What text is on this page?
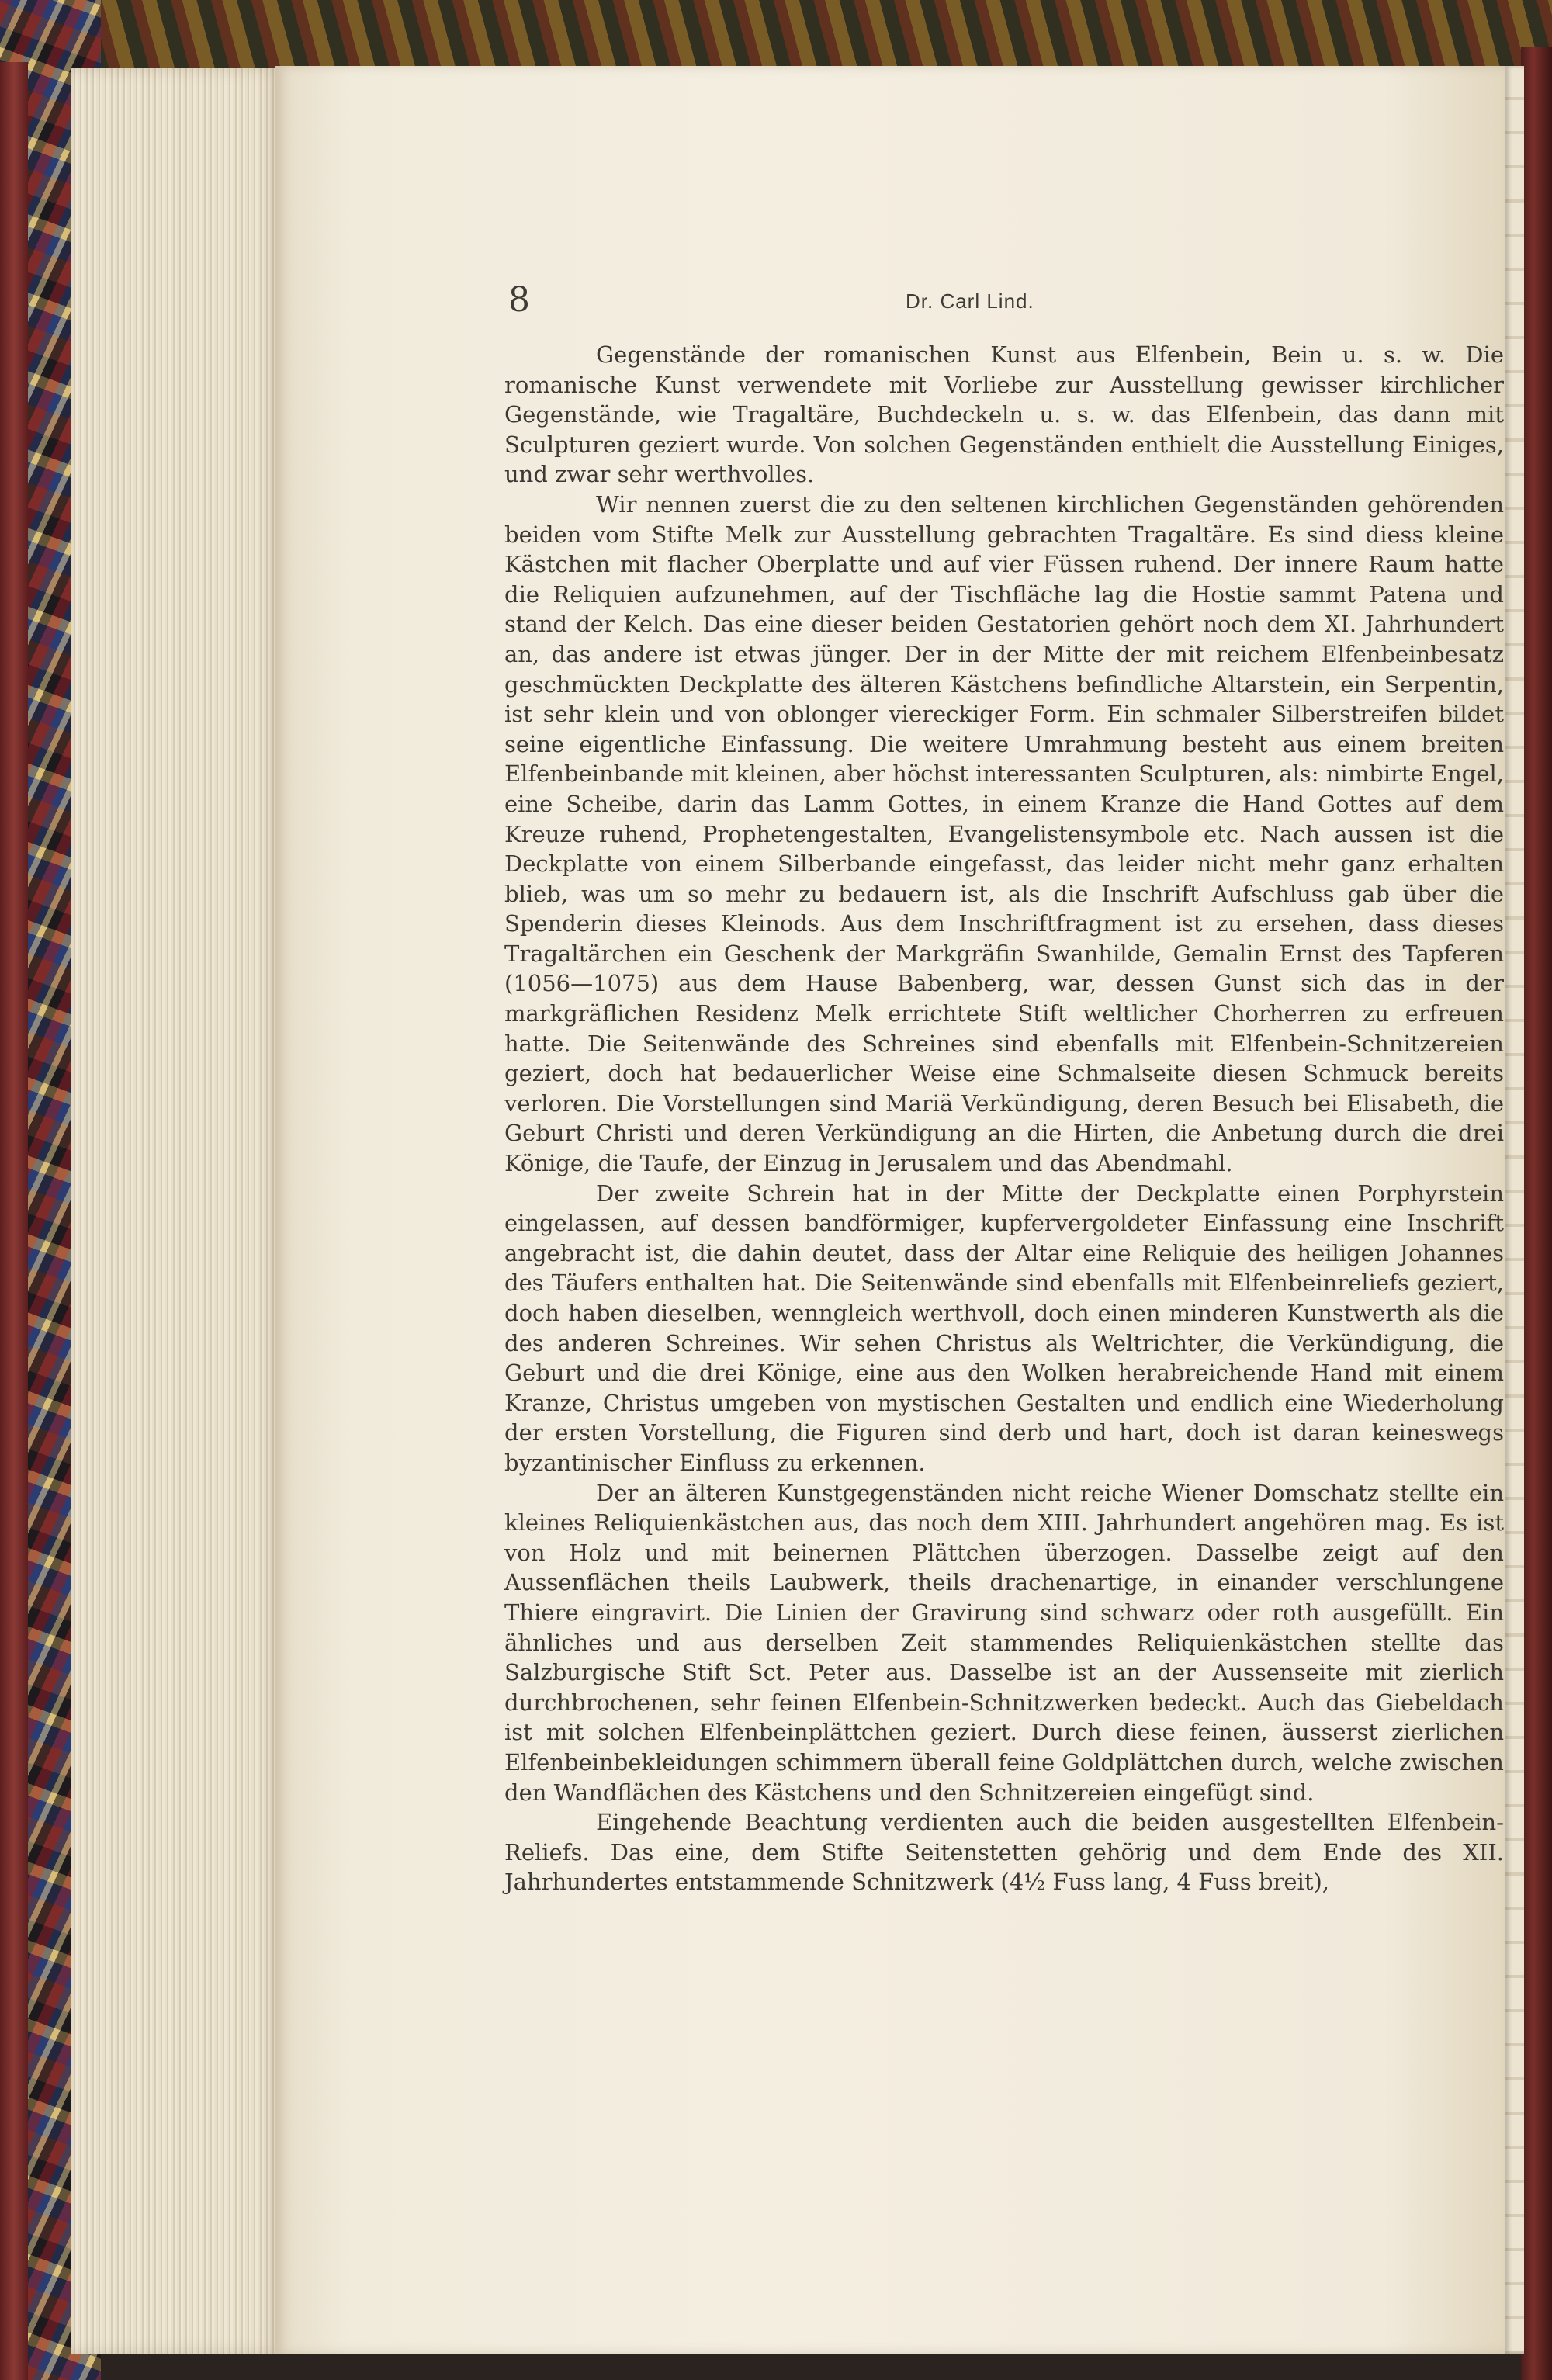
8	Dr. Carl Lind.

Gegenstände der romanischen Kunst aus Elfenbein, Bein u. s. w. Die romanische Kunst verwendete mit Vorliebe zur Ausstellung gewisser kirchlicher Gegenstände, wie Tragaltäre, Buchdeckeln u. s. w. das Elfenbein, das dann mit Sculpturen geziert wurde. Von solchen Gegenständen enthielt die Ausstellung Einiges, und zwar sehr werthvolles.

Wir nennen zuerst die zu den seltenen kirchlichen Gegenständen gehörenden beiden vom Stifte Melk zur Ausstellung gebrachten Tragaltäre. Es sind diess kleine Kästchen mit flacher Oberplatte und auf vier Füssen ruhend. Der innere Raum hatte die Reliquien aufzunehmen, auf der Tischfläche lag die Hostie sammt Patena und stand der Kelch. Das eine dieser beiden Gestatorien gehört noch dem XI. Jahrhundert an, das andere ist etwas jünger. Der in der Mitte der mit reichem Elfenbeinbesatz geschmückten Deckplatte des älteren Kästchens befindliche Altarstein, ein Serpentin, ist sehr klein und von oblonger viereckiger Form. Ein schmaler Silberstreifen bildet seine eigentliche Einfassung. Die weitere Umrahmung besteht aus einem breiten Elfenbeinbande mit kleinen, aber höchst interessanten Sculpturen, als: nimbirte Engel, eine Scheibe, darin das Lamm Gottes, in einem Kranze die Hand Gottes auf dem Kreuze ruhend, Prophetengestalten, Evangelistensymbole etc. Nach aussen ist die Deckplatte von einem Silberbande eingefasst, das leider nicht mehr ganz erhalten blieb, was um so mehr zu bedauern ist, als die Inschrift Aufschluss gab über die Spenderin dieses Kleinods. Aus dem Inschriftfragment ist zu ersehen, dass dieses Tragaltärchen ein Geschenk der Markgräfin Swanhilde, Gemalin Ernst des Tapferen (1056—1075) aus dem Hause Babenberg, war, dessen Gunst sich das in der markgräflichen Residenz Melk errichtete Stift weltlicher Chorherren zu erfreuen hatte. Die Seitenwände des Schreines sind ebenfalls mit Elfenbein-Schnitzereien geziert, doch hat bedauerlicher Weise eine Schmalseite diesen Schmuck bereits verloren. Die Vorstellungen sind Mariä Verkündigung, deren Besuch bei Elisabeth, die Geburt Christi und deren Verkündigung an die Hirten, die Anbetung durch die drei Könige, die Taufe, der Einzug in Jerusalem und das Abendmahl.

Der zweite Schrein hat in der Mitte der Deckplatte einen Porphyrstein eingelassen, auf dessen bandförmiger, kupfervergoldeter Einfassung eine Inschrift angebracht ist, die dahin deutet, dass der Altar eine Reliquie des heiligen Johannes des Täufers enthalten hat. Die Seitenwände sind ebenfalls mit Elfenbeinreliefs geziert, doch haben dieselben, wenngleich werthvoll, doch einen minderen Kunstwerth als die des anderen Schreines. Wir sehen Christus als Weltrichter, die Verkündigung, die Geburt und die drei Könige, eine aus den Wolken herabreichende Hand mit einem Kranze, Christus umgeben von mystischen Gestalten und endlich eine Wiederholung der ersten Vorstellung, die Figuren sind derb und hart, doch ist daran keineswegs byzantinischer Einfluss zu erkennen.

Der an älteren Kunstgegenständen nicht reiche Wiener Domschatz stellte ein kleines Reliquienkästchen aus, das noch dem XIII. Jahrhundert angehören mag. Es ist von Holz und mit beinernen Plättchen überzogen. Dasselbe zeigt auf den Aussenflächen theils Laubwerk, theils drachenartige, in einander verschlungene Thiere eingravirt. Die Linien der Gravirung sind schwarz oder roth ausgefüllt. Ein ähnliches und aus derselben Zeit stammendes Reliquienkästchen stellte das Salzburgische Stift Sct. Peter aus. Dasselbe ist an der Aussenseite mit zierlich durchbrochenen, sehr feinen Elfenbein-Schnitzwerken bedeckt. Auch das Giebeldach ist mit solchen Elfenbeinplättchen geziert. Durch diese feinen, äusserst zierlichen Elfenbeinbekleidungen schimmern überall feine Goldplättchen durch, welche zwischen den Wandflächen des Kästchens und den Schnitzereien eingefügt sind.

Eingehende Beachtung verdienten auch die beiden ausgestellten Elfenbein-Reliefs. Das eine, dem Stifte Seitenstetten gehörig und dem Ende des XII. Jahrhundertes entstammende Schnitzwerk (4½ Fuss lang, 4 Fuss breit),
